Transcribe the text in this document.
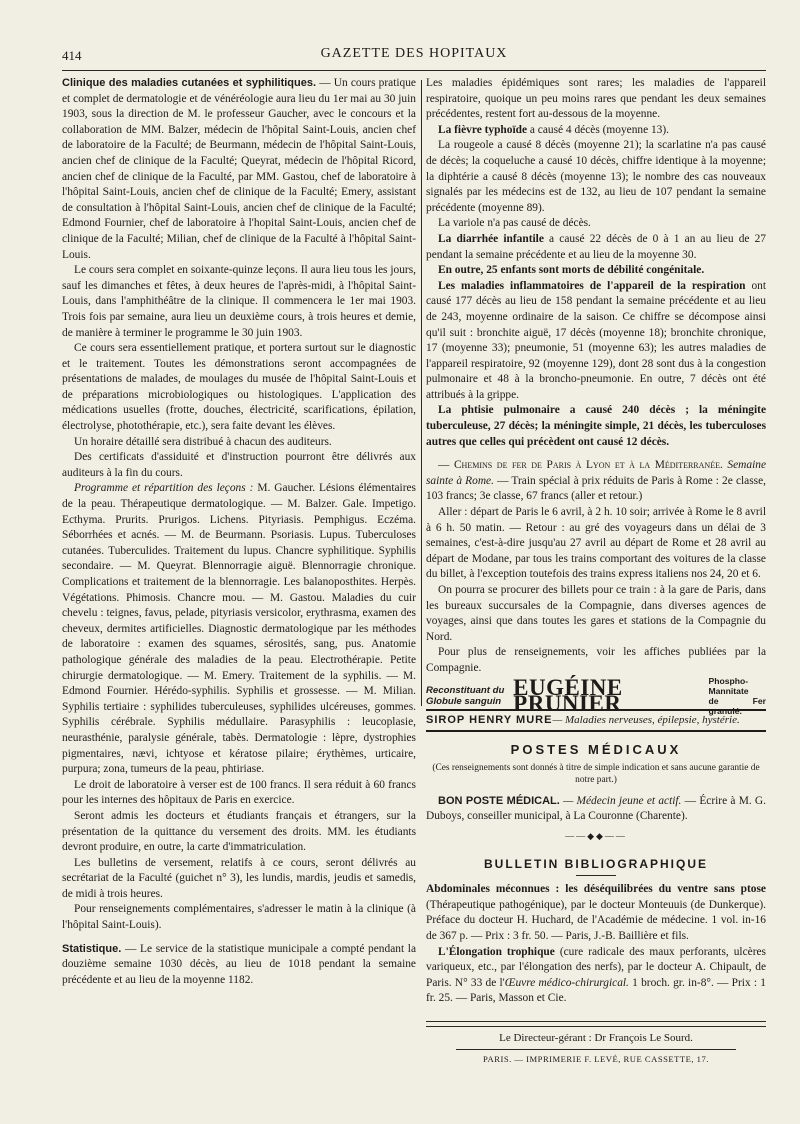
414	GAZETTE DES HOPITAUX

Clinique des maladies cutanées et syphilitiques. — Un cours pratique et complet de dermatologie et de vénéréologie aura lieu du 1er mai au 30 juin 1903, sous la direction de M. le professeur Gaucher, avec le concours et la collaboration de MM. Balzer, médecin de l'hôpital Saint-Louis, ancien chef de laboratoire de la Faculté; de Beurmann, médecin de l'hôpital Saint-Louis, ancien chef de clinique de la Faculté; Queyrat, médecin de l'hôpital Ricord, ancien chef de clinique de la Faculté, par MM. Gastou, chef de laboratoire à l'hôpital Saint-Louis, ancien chef de clinique de la Faculté; Emery, assistant de consultation à l'hôpital Saint-Louis, ancien chef de clinique de la Faculté; Edmond Fournier, chef de laboratoire à l'hopital Saint-Louis, ancien chef de clinique de la Faculté; Milian, chef de clinique de la Faculté à l'hôpital Saint-Louis.

Le cours sera complet en soixante-quinze leçons. Il aura lieu tous les jours, sauf les dimanches et fêtes, à deux heures de l'après-midi, à l'hôpital Saint-Louis, dans l'amphithéâtre de la clinique. Il commencera le 1er mai 1903. Trois fois par semaine, aura lieu un deuxième cours, à trois heures et demie, de manière à terminer le programme le 30 juin 1903.

Ce cours sera essentiellement pratique, et portera surtout sur le diagnostic et le traitement. Toutes les démonstrations seront accompagnées de présentations de malades, de moulages du musée de l'hôpital Saint-Louis et de préparations microbiologiques ou histologiques. L'application des médications usuelles (frotte, douches, électricité, scarifications, épilation, électrolyse, photothérapie, etc.), sera faite devant les élèves.

Un horaire détaillé sera distribué à chacun des auditeurs.

Des certificats d'assiduité et d'instruction pourront être délivrés aux auditeurs à la fin du cours.

Programme et répartition des leçons : M. Gaucher. Lésions élémentaires de la peau. Thérapeutique dermatologique. — M. Balzer. Gale. Impetigo. Ecthyma. Prurits. Prurigos. Lichens. Pityriasis. Pemphigus. Eczéma. Séborrhées et acnés. — M. de Beurmann. Psoriasis. Lupus. Tuberculoses cutanées. Tuberculides. Traitement du lupus. Chancre syphilitique. Syphilis secondaire. — M. Queyrat. Blennorragie aiguë. Blennorragie chronique. Complications et traitement de la blennorragie. Les balanoposthites. Herpès. Végétations. Phimosis. Chancre mou. — M. Gastou. Maladies du cuir chevelu : teignes, favus, pelade, pityriasis versicolor, erythrasma, examen des cheveux, dermites artificielles. Diagnostic dermatologique par les méthodes de laboratoire : examen des squames, sérosités, sang, pus. Anatomie pathologique générale des maladies de la peau. Electrothérapie. Petite chirurgie dermatologique. — M. Emery. Traitement de la syphilis. — M. Edmond Fournier. Hérédo-syphilis. Syphilis et grossesse. — M. Milian. Syphilis tertiaire : syphilides tuberculeuses, syphilides ulcéreuses, gommes. Syphilis cérébrale. Syphilis médullaire. Parasyphilis : leucoplasie, neurasthénie, paralysie générale, tabès. Dermatologie : lèpre, dystrophies pigmentaires, nævi, ichtyose et kératose pilaire; érythèmes, urticaire, purpura; zona, tumeurs de la peau, phtiriase.

Le droit de laboratoire à verser est de 100 francs. Il sera réduit à 60 francs pour les internes des hôpitaux de Paris en exercice.

Seront admis les docteurs et étudiants français et étrangers, sur la présentation de la quittance du versement des droits. MM. les étudiants devront produire, en outre, la carte d'immatriculation.

Les bulletins de versement, relatifs à ce cours, seront délivrés au secrétariat de la Faculté (guichet n° 3), les lundis, mardis, jeudis et samedis, de midi à trois heures.

Pour renseignements complémentaires, s'adresser le matin à la clinique (à l'hôpital Saint-Louis).

Statistique. — Le service de la statistique municipale a compté pendant la douzième semaine 1030 décès, au lieu de 1018 pendant la semaine précédente et au lieu de la moyenne 1182.

Les maladies épidémiques sont rares; les maladies de l'appareil respiratoire, quoique un peu moins rares que pendant les deux semaines précédentes, restent fort au-dessous de la moyenne.

La fièvre typhoïde a causé 4 décès (moyenne 13).

La rougeole a causé 8 décès (moyenne 21); la scarlatine n'a pas causé de décès; la coqueluche a causé 10 décès, chiffre identique à la moyenne; la diphtérie a causé 8 décès (moyenne 13); le nombre des cas nouveaux signalés par les médecins est de 132, au lieu de 107 pendant la semaine précédente (moyenne 89).

La variole n'a pas causé de décès.

La diarrhée infantile a causé 22 décès de 0 à 1 an au lieu de 27 pendant la semaine précédente et au lieu de la moyenne 30.

En outre, 25 enfants sont morts de débilité congénitale.

Les maladies inflammatoires de l'appareil de la respiration ont causé 177 décès au lieu de 158 pendant la semaine précédente et au lieu de 243, moyenne ordinaire de la saison. Ce chiffre se décompose ainsi qu'il suit : bronchite aiguë, 17 décès (moyenne 18); bronchite chronique, 17 (moyenne 33); pneumonie, 51 (moyenne 63); les autres maladies de l'appareil respiratoire, 92 (moyenne 129), dont 28 sont dus à la congestion pulmonaire et 48 à la broncho-pneumonie. En outre, 7 décès ont été attribués à la grippe.

La phtisie pulmonaire a causé 240 décès ; la méningite tuberculeuse, 27 décès; la méningite simple, 21 décès, les tuberculoses autres que celles qui précèdent ont causé 12 décès.

— Chemins de fer de Paris à Lyon et à la Méditerranée. Semaine sainte à Rome. — Train spécial à prix réduits de Paris à Rome : 2e classe, 103 francs; 3e classe, 67 francs (aller et retour.)

Aller : départ de Paris le 6 avril, à 2 h. 10 soir; arrivée à Rome le 8 avril à 6 h. 50 matin. — Retour : au gré des voyageurs dans un délai de 3 semaines, c'est-à-dire jusqu'au 27 avril au départ de Rome et 28 avril au départ de Modane, par tous les trains comportant des voitures de la classe du billet, à l'exception toutefois des trains express italiens nos 24, 20 et 6.

On pourra se procurer des billets pour ce train : à la gare de Paris, dans les bureaux succursales de la Compagnie, dans diverses agences de voyages, ainsi que dans toutes les gares et stations de la Compagnie du Nord.

Pour plus de renseignements, voir les affiches publiées par la Compagnie.

Reconstituant du
Globule sanguin
EUGÉINE PRUNIER
Phospho-Mannitate
de Fer granulé.
SIROP HENRY MURE— Maladies nerveuses, épilepsie, hystérie.
POSTES MÉDICAUX
(Ces renseignements sont donnés à titre de simple indication et sans aucune garantie de notre part.)

BON POSTE MÉDICAL. — Médecin jeune et actif. — Écrire à M. G. Duboys, conseiller municipal, à La Couronne (Charente).

——◆◆——
BULLETIN BIBLIOGRAPHIQUE

Abdominales méconnues : les déséquilibrées du ventre sans ptose (Thérapeutique pathogénique), par le docteur Monteuuis (de Dunkerque). Préface du docteur H. Huchard, de l'Académie de médecine. 1 vol. in-16 de 367 p. — Prix : 3 fr. 50. — Paris, J.-B. Baillière et fils.

L'Élongation trophique (cure radicale des maux perforants, ulcères variqueux, etc., par l'élongation des nerfs), par le docteur A. Chipault, de Paris. N° 33 de l'Œuvre médico-chirurgical. 1 broch. gr. in-8°. — Prix : 1 fr. 25. — Paris, Masson et Cie.

Le Directeur-gérant : Dr François Le Sourd.
PARIS. — IMPRIMERIE F. LEVÉ, RUE CASSETTE, 17.
